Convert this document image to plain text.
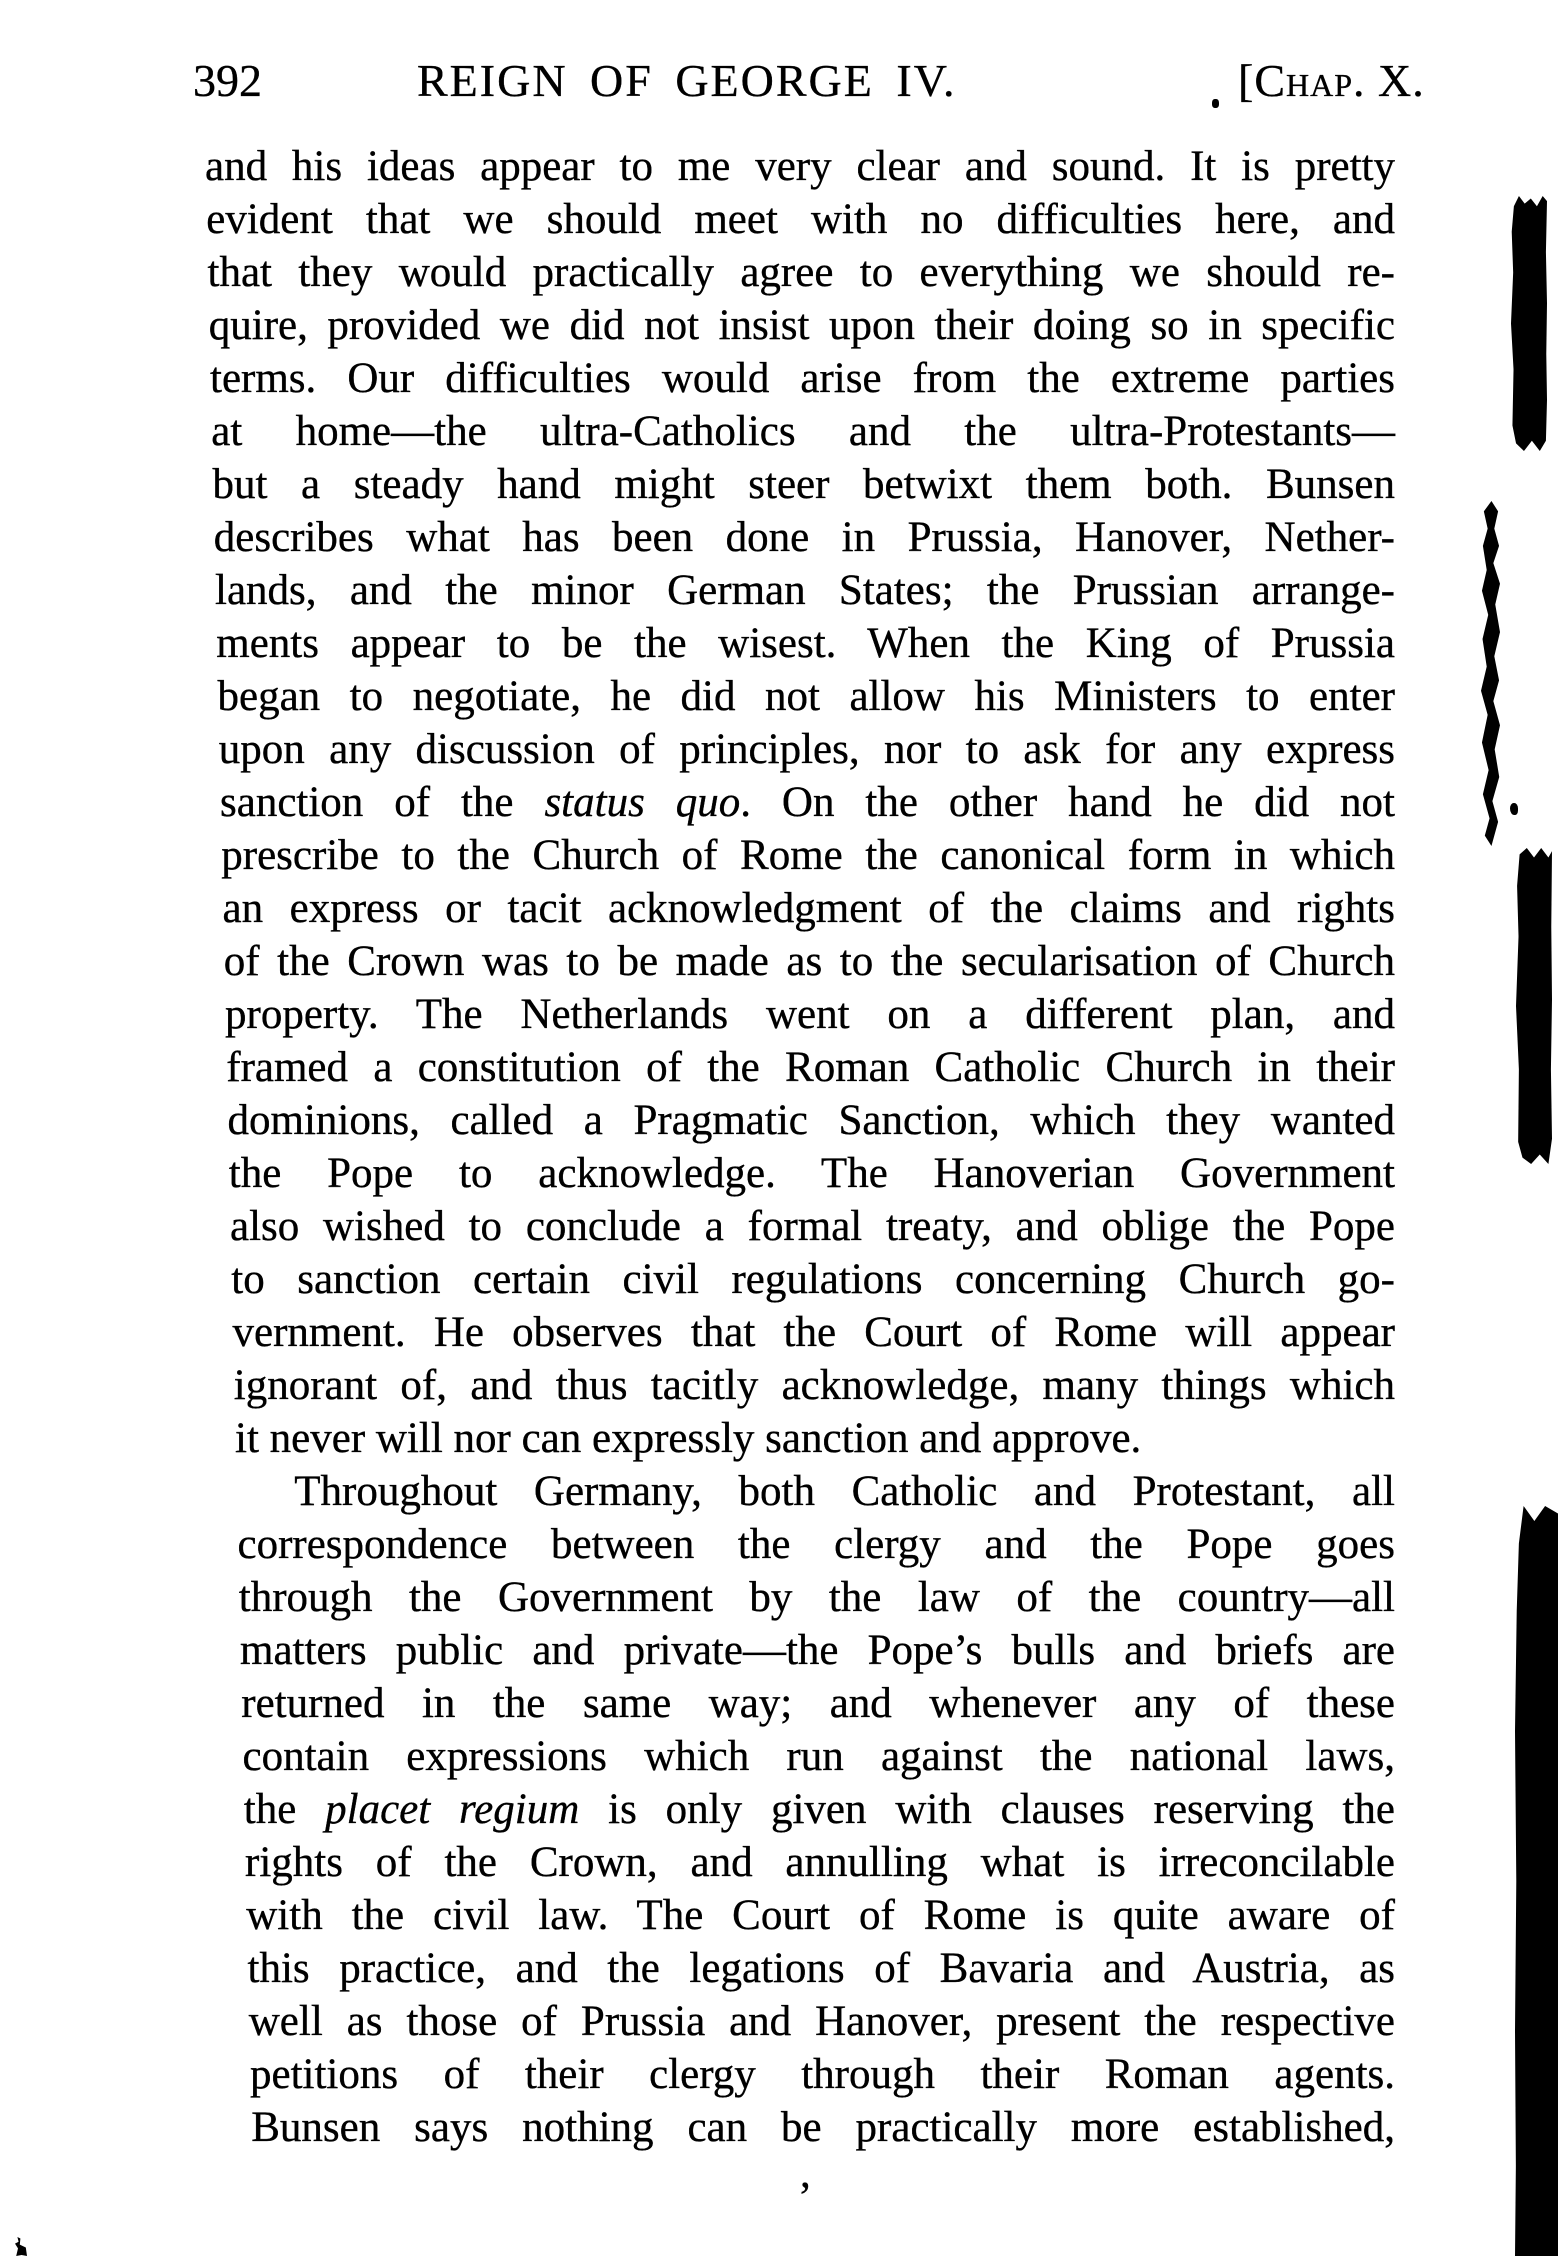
392	REIGN OF GEORGE IV.	[Chap. X.
and his ideas appear to me very clear and sound. It is pretty
evident that we should meet with no difficulties here, and
that they would practically agree to everything we should re-
quire, provided we did not insist upon their doing so in specific
terms. Our difficulties would arise from the extreme parties
at home—the ultra-Catholics and the ultra-Protestants—
but a steady hand might steer betwixt them both. Bunsen
describes what has been done in Prussia, Hanover, Nether-
lands, and the minor German States; the Prussian arrange-
ments appear to be the wisest. When the King of Prussia
began to negotiate, he did not allow his Ministers to enter
upon any discussion of principles, nor to ask for any express
sanction of the status quo. On the other hand he did not
prescribe to the Church of Rome the canonical form in which
an express or tacit acknowledgment of the claims and rights
of the Crown was to be made as to the secularisation of Church
property. The Netherlands went on a different plan, and
framed a constitution of the Roman Catholic Church in their
dominions, called a Pragmatic Sanction, which they wanted
the Pope to acknowledge. The Hanoverian Government
also wished to conclude a formal treaty, and oblige the Pope
to sanction certain civil regulations concerning Church go-
vernment. He observes that the Court of Rome will appear
ignorant of, and thus tacitly acknowledge, many things which
it never will nor can expressly sanction and approve.
Throughout Germany, both Catholic and Protestant, all
correspondence between the clergy and the Pope goes
through the Government by the law of the country—all
matters public and private—the Pope’s bulls and briefs are
returned in the same way; and whenever any of these
contain expressions which run against the national laws,
the placet regium is only given with clauses reserving the
rights of the Crown, and annulling what is irreconcilable
with the civil law. The Court of Rome is quite aware of
this practice, and the legations of Bavaria and Austria, as
well as those of Prussia and Hanover, present the respective
petitions of their clergy through their Roman agents.
Bunsen says nothing can be practically more established,
,
